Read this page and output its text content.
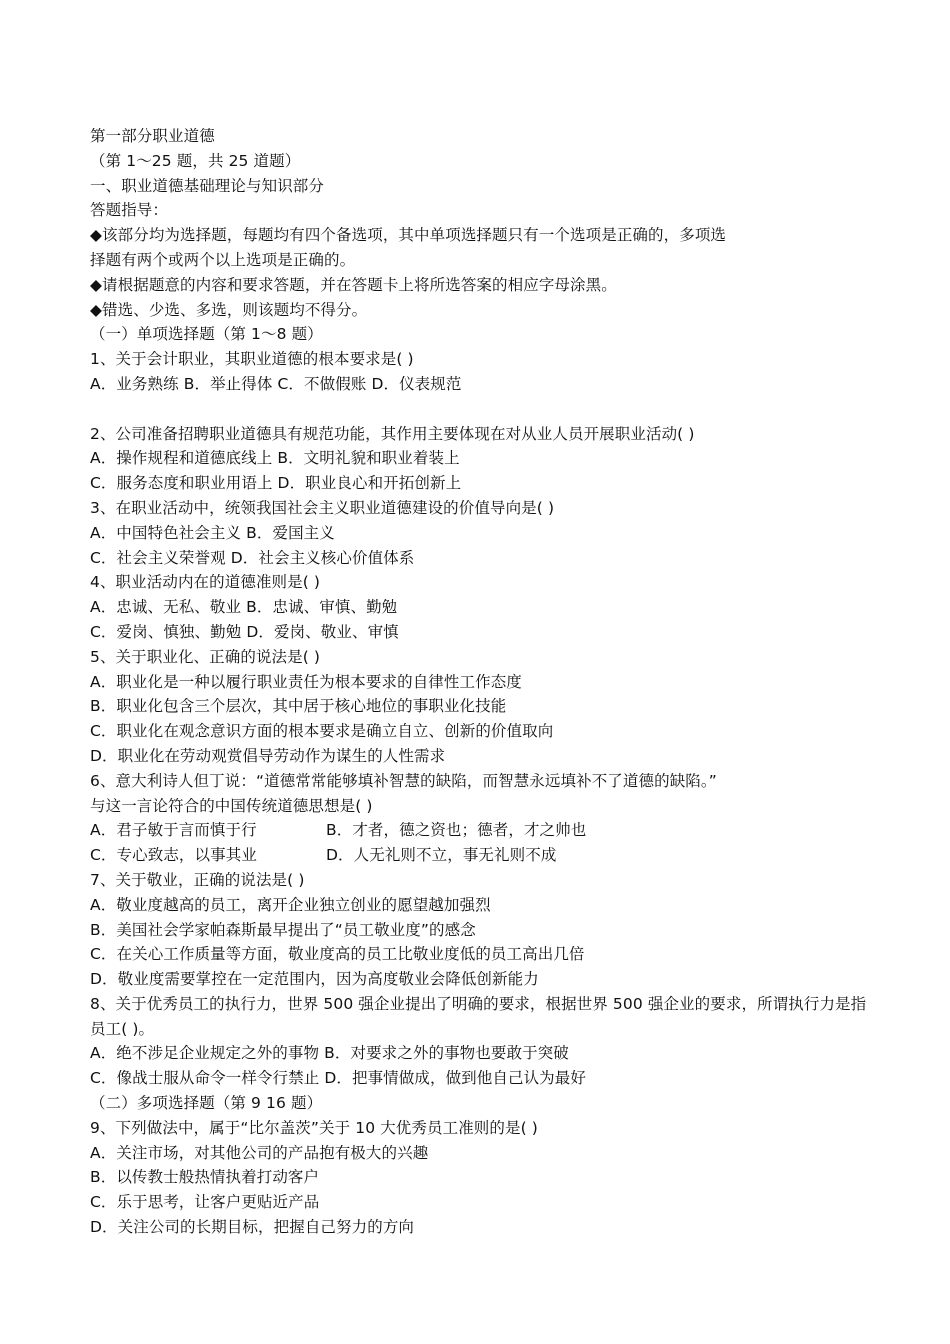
第一部分职业道德
（第 1～25 题，共 25 道题）
一、职业道德基础理论与知识部分
答题指导：
◆该部分均为选择题，每题均有四个备选项，其中单项选择题只有一个选项是正确的，多项选
择题有两个或两个以上选项是正确的。
◆请根据题意的内容和要求答题，并在答题卡上将所选答案的相应字母涂黑。
◆错选、少选、多选，则该题均不得分。
（一）单项选择题（第 1～8 题）
1、关于会计职业，其职业道德的根本要求是( )
A．业务熟练 B．举止得体 C．不做假账 D．仪表规范
2、公司准备招聘职业道德具有规范功能，其作用主要体现在对从业人员开展职业活动( )
A．操作规程和道德底线上 B．文明礼貌和职业着装上
C．服务态度和职业用语上 D．职业良心和开拓创新上
3、在职业活动中，统领我国社会主义职业道德建设的价值导向是( )
A．中国特色社会主义 B．爱国主义
C．社会主义荣誉观 D．社会主义核心价值体系
4、职业活动内在的道德准则是( )
A．忠诚、无私、敬业 B．忠诚、审慎、勤勉
C．爱岗、慎独、勤勉 D．爱岗、敬业、审慎
5、关于职业化、正确的说法是( )
A．职业化是一种以履行职业责任为根本要求的自律性工作态度
B．职业化包含三个层次，其中居于核心地位的事职业化技能
C．职业化在观念意识方面的根本要求是确立自立、创新的价值取向
D．职业化在劳动观赏倡导劳动作为谋生的人性需求
6、意大利诗人但丁说：“道德常常能够填补智慧的缺陷，而智慧永远填补不了道德的缺陷。”
与这一言论符合的中国传统道德思想是( )
A．君子敏于言而慎于行	B．才者，德之资也；德者，才之帅也
C．专心致志，以事其业	D．人无礼则不立，事无礼则不成
7、关于敬业，正确的说法是( )
A．敬业度越高的员工，离开企业独立创业的愿望越加强烈
B．美国社会学家帕森斯最早提出了“员工敬业度”的感念
C．在关心工作质量等方面，敬业度高的员工比敬业度低的员工高出几倍
D．敬业度需要掌控在一定范围内，因为高度敬业会降低创新能力
8、关于优秀员工的执行力，世界 500 强企业提出了明确的要求，根据世界 500 强企业的要求，所谓执行力是指员工( )。
A．绝不涉足企业规定之外的事物 B．对要求之外的事物也要敢于突破
C．像战士服从命令一样令行禁止 D．把事情做成，做到他自己认为最好
（二）多项选择题（第 9 16 题）
9、下列做法中，属于“比尔盖茨”关于 10 大优秀员工准则的是( )
A．关注市场，对其他公司的产品抱有极大的兴趣
B．以传教士般热情执着打动客户
C．乐于思考，让客户更贴近产品
D．关注公司的长期目标，把握自己努力的方向
